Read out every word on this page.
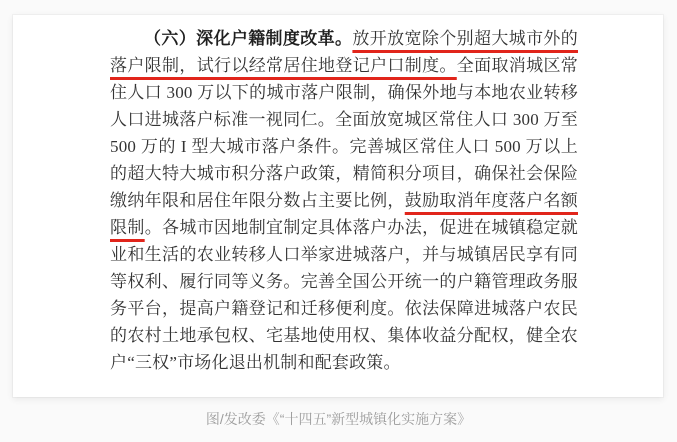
（六）深化户籍制度改革。放开放宽除个别超大城市外的落户限制，试行以经常居住地登记户口制度。全面取消城区常住人口 300 万以下的城市落户限制，确保外地与本地农业转移人口进城落户标准一视同仁。全面放宽城区常住人口 300 万至 500 万的 I 型大城市落户条件。完善城区常住人口 500 万以上的超大特大城市积分落户政策，精简积分项目，确保社会保险缴纳年限和居住年限分数占主要比例，鼓励取消年度落户名额限制。各城市因地制宜制定具体落户办法，促进在城镇稳定就业和生活的农业转移人口举家进城落户，并与城镇居民享有同等权利、履行同等义务。完善全国公开统一的户籍管理政务服务平台，提高户籍登记和迁移便利度。依法保障进城落户农民的农村土地承包权、宅基地使用权、集体收益分配权，健全农户“三权”市场化退出机制和配套政策。

图/发改委《“十四五”新型城镇化实施方案》
